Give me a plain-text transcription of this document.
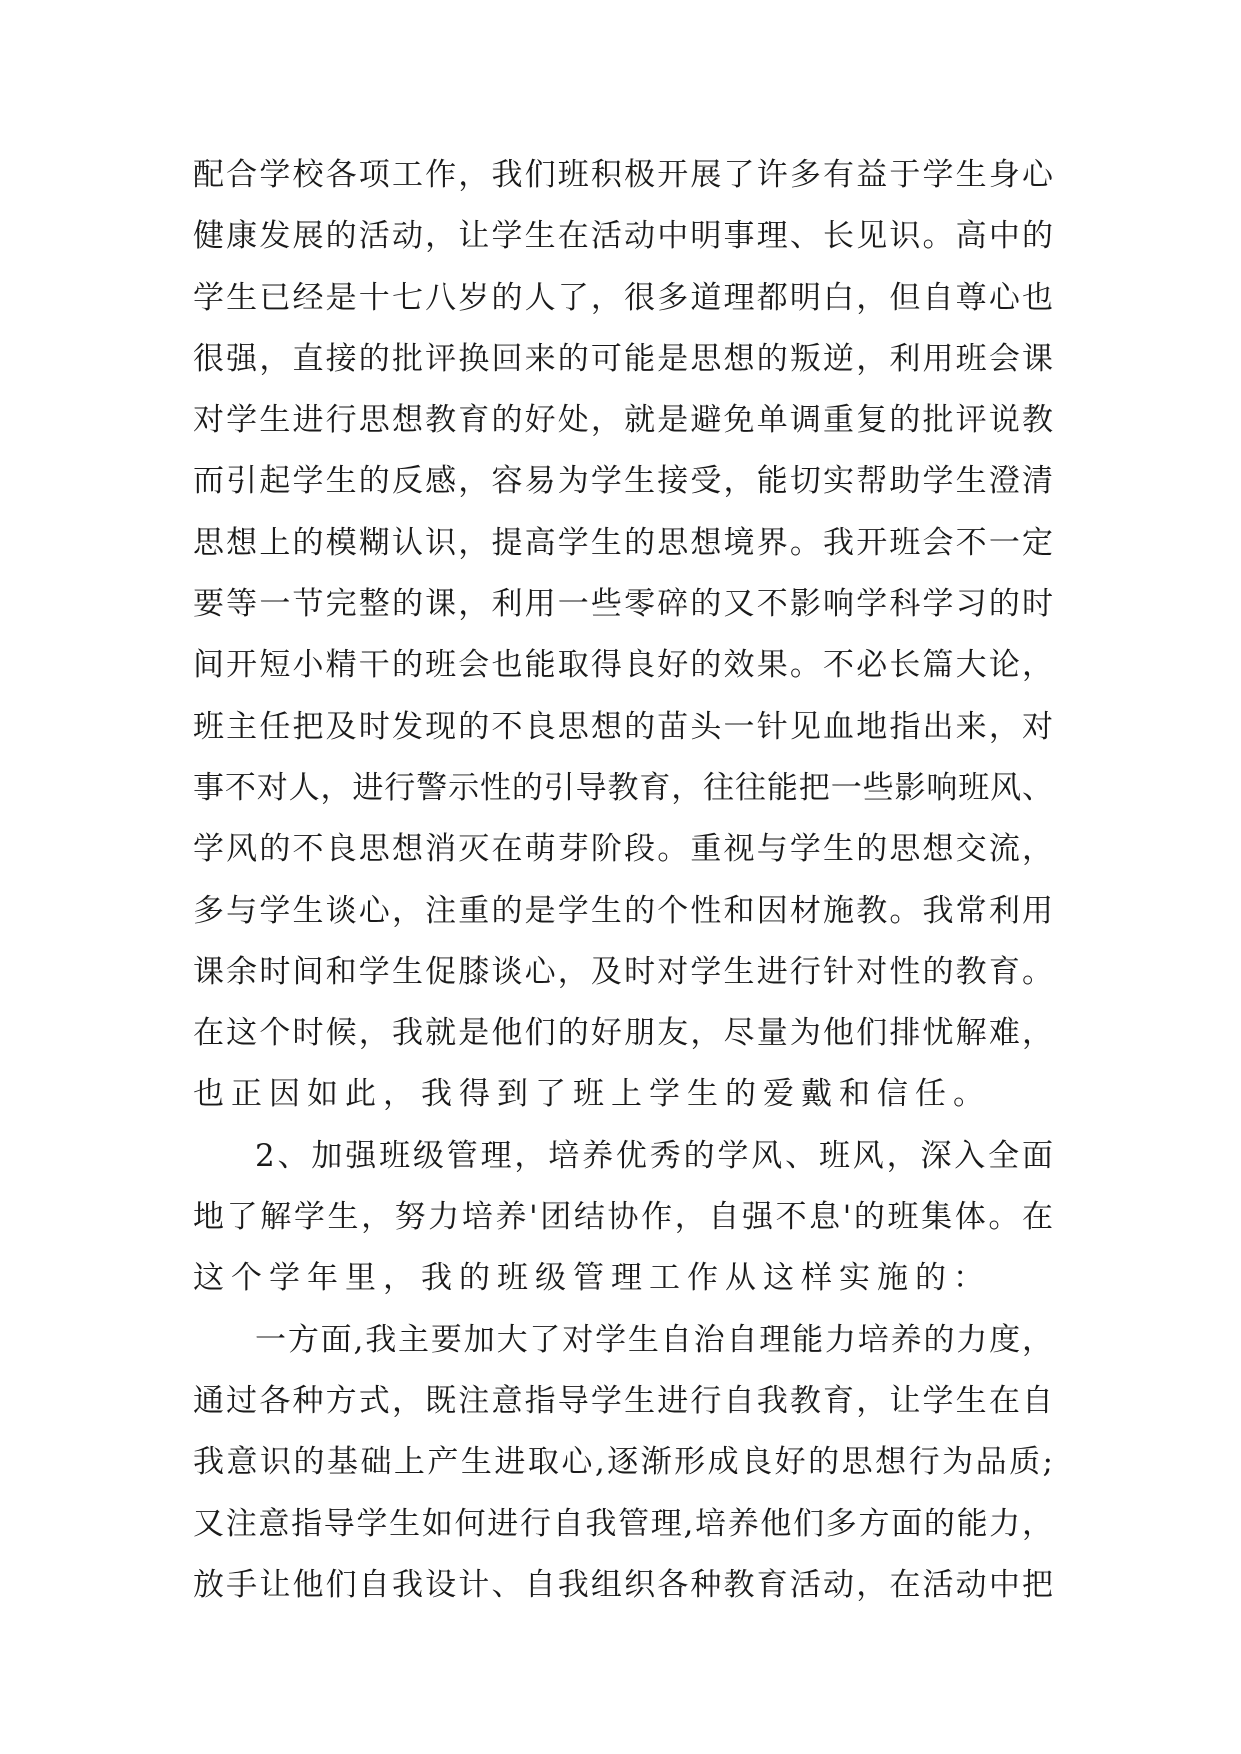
配合学校各项工作，我们班积极开展了许多有益于学生身心
健康发展的活动，让学生在活动中明事理、长见识。高中的
学生已经是十七八岁的人了，很多道理都明白，但自尊心也
很强，直接的批评换回来的可能是思想的叛逆，利用班会课
对学生进行思想教育的好处，就是避免单调重复的批评说教
而引起学生的反感，容易为学生接受，能切实帮助学生澄清
思想上的模糊认识，提高学生的思想境界。我开班会不一定
要等一节完整的课，利用一些零碎的又不影响学科学习的时
间开短小精干的班会也能取得良好的效果。不必长篇大论，
班主任把及时发现的不良思想的苗头一针见血地指出来，对
事不对人，进行警示性的引导教育，往往能把一些影响班风、
学风的不良思想消灭在萌芽阶段。重视与学生的思想交流，
多与学生谈心，注重的是学生的个性和因材施教。我常利用
课余时间和学生促膝谈心，及时对学生进行针对性的教育。
在这个时候，我就是他们的好朋友，尽量为他们排忧解难，
也正因如此，我得到了班上学生的爱戴和信任。
2、加强班级管理，培养优秀的学风、班风，深入全面
地了解学生，努力培养'团结协作，自强不息'的班集体。在
这个学年里，我的班级管理工作从这样实施的：
一方面,我主要加大了对学生自治自理能力培养的力度，
通过各种方式，既注意指导学生进行自我教育，让学生在自
我意识的基础上产生进取心,逐渐形成良好的思想行为品质;
又注意指导学生如何进行自我管理,培养他们多方面的能力，
放手让他们自我设计、自我组织各种教育活动，在活动中把
